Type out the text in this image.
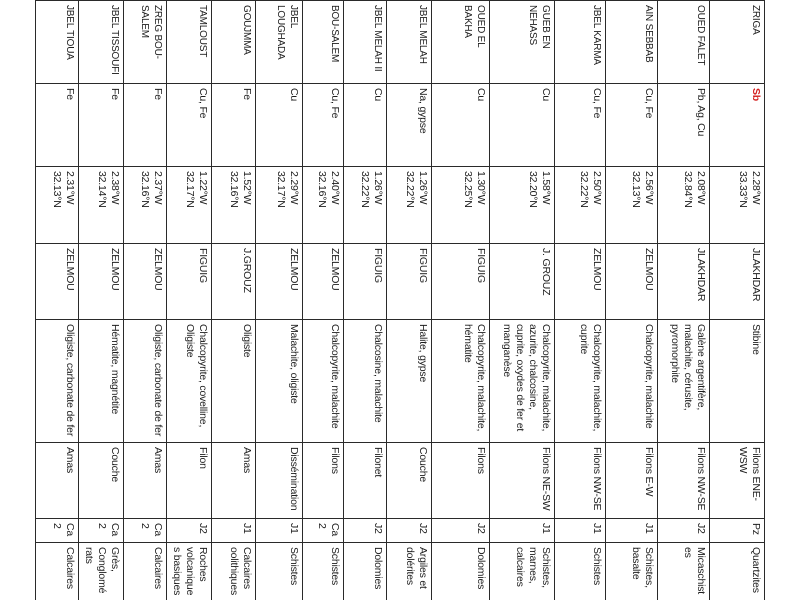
ZRIGA	Sb	2.28°W 33.33°N	JLAKHDAR	Stibine	Filons ENE-WSW	Pz	Quartzites
OUED FALET	Pb, Ag, Cu	2.08°W 32.84°N	JLAKHDAR	Galène argentifère, malachite, cérusite, pyromorphite	Filons NW-SE	J2	Micaschistes
AIN SEBBAB	Cu, Fe	2.56°W 32.13°N	ZELMOU	Chalcopyrite, malachite	Filons E-W	J1	Schistes, basalte
JBEL KARMA	Cu, Fe	2.50°W 32.22°N	ZELMOU	Chalcopyrite, malachite, cuprite	Filons NW-SE	J1	Schistes
GUEB EN NEHASS	Cu	1.58°W 32.20°N	J. GROUZ	Chalcopyrite, malachite, azurite, chalcosine, cuprite, oxydes de fer et manganèse	Filons NE-SW	J1	Schistes, marnes, calcaires
OUED EL BAKHA	Cu	1.30°W 32.25°N	FIGUIG	Chalcopyrite, malachite, hématite	Filons	J2	Dolomies
JBEL MELAH	Na, gypse	1.26°W 32.22°N	FIGUIG	Halite, gypse	Couche	J2	Argiles et dolérites
JBEL MELAH II	Cu	1.26°W 32.22°N	FIGUIG	Chalcosine, malachite	Filonet	J2	Dolomies
BOU-SALEM	Cu, Fe	2.40°W 32.16°N	ZELMOU	Chalcopyrite, malachite	Filons	Ca2	Schistes
JBEL LOUGHADA	Cu	2.29°W 32.17°N	ZELMOU	Malachite, oligiste	Dissémination	J1	Schistes
GOUJMMA	Fe	1.52°W 32.16°N	J.GROUZ	Oligiste	Amas	J1	Calcaires oolithiques
TAMLOUST	Cu, Fe	1.22°W 32.17°N	FIGUIG	Chalcopyrite, covelline, Oligiste	Filon	J2	Roches volcaniques basiques
ZREG BOU-SALEM	Fe	2.37°W 32.16°N	ZELMOU	Oligiste, carbonate de fer	Amas	Ca2	Calcaires
JBEL TISSOUFI	Fe	2.38°W 32.14°N	ZELMOU	Hématite, magnétite	Couche	Ca2	Grès, Conglomérats
JBEL TIOUA	Fe	2.31°W 32.13°N	ZELMOU	Oligiste, carbonate de fer	Amas	Ca2	Calcaires
